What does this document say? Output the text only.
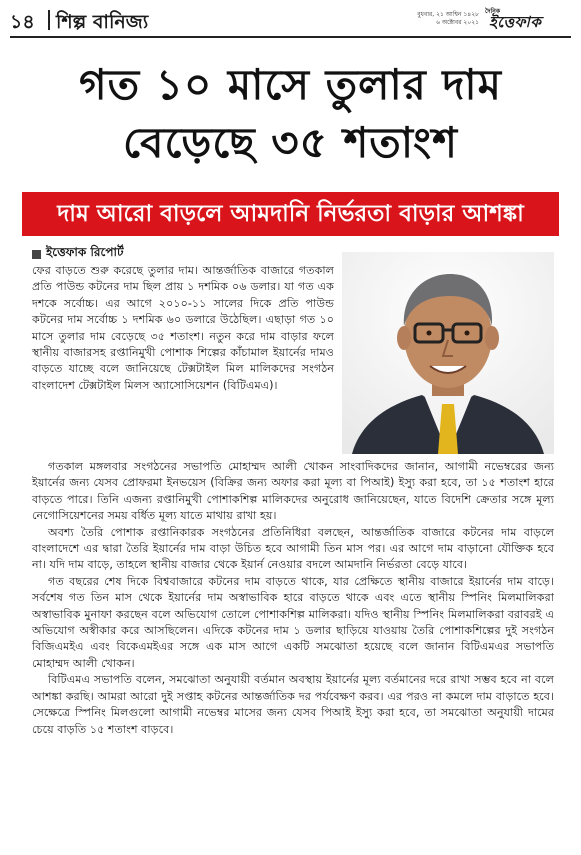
১৪ শিল্প বানিজ্য	বুধবার, ২১ আশ্বিন ১৪২৮
৬ অক্টোবর ২০২১
দৈনিক
ইত্তেফাক
গত ১০ মাসে তুলার দাম
বেড়েছে ৩৫ শতাংশ
দাম আরো বাড়লে আমদানি নির্ভরতা বাড়ার আশঙ্কা
ইত্তেফাক রিপোর্ট

ফের বাড়তে শুরু করেছে তুলার দাম। আন্তর্জাতিক বাজারে গতকাল প্রতি পাউন্ড কটনের দাম ছিল প্রায় ১ দশমিক ০৬ ডলার। যা গত এক দশকে সর্বোচ্চ। এর আগে ২০১০-১১ সালের দিকে প্রতি পাউন্ড কটনের দাম সর্বোচ্চ ১ দশমিক ৬০ ডলারে উঠেছিল। এছাড়া গত ১০ মাসে তুলার দাম বেড়েছে ৩৫ শতাংশ। নতুন করে দাম বাড়ার ফলে স্থানীয় বাজারসহ রপ্তানিমুখী পোশাক শিল্পের কাঁচামাল ইয়ার্নের দামও বাড়তে যাচ্ছে বলে জানিয়েছে টেক্সটাইল মিল মালিকদের সংগঠন বাংলাদেশ টেক্সটাইল মিলস অ্যাসোসিয়েশন (বিটিএমএ)।

গতকাল মঙ্গলবার সংগঠনের সভাপতি মোহাম্মদ আলী খোকন সাংবাদিকদের জানান, আগামী নভেম্বরের জন্য ইয়ার্নের জন্য যেসব প্রোফরমা ইনভয়েস (বিক্রির জন্য অফার করা মূল্য বা পিআই) ইস্যু করা হবে, তা ১৫ শতাংশ হারে বাড়তে পারে। তিনি এজন্য রপ্তানিমুখী পোশাকশিল্প মালিকদের অনুরোধ জানিয়েছেন, যাতে বিদেশি ক্রেতার সঙ্গে মূল্য নেগোসিয়েশনের সময় বর্ধিত মূল্য যাতে মাথায় রাখা হয়।

অবশ্য তৈরি পোশাক রপ্তানিকারক সংগঠনের প্রতিনিধিরা বলছেন, আন্তর্জাতিক বাজারে কটনের দাম বাড়লে বাংলাদেশে এর দ্বারা তৈরি ইয়ার্নের দাম বাড়া উচিত হবে আগামী তিন মাস পর। এর আগে দাম বাড়ানো যৌক্তিক হবে না। যদি দাম বাড়ে, তাহলে স্থানীয় বাজার থেকে ইয়ার্ন নেওয়ার বদলে আমদানি নির্ভরতা বেড়ে যাবে।

গত বছরের শেষ দিকে বিশ্ববাজারে কটনের দাম বাড়তে থাকে, যার প্রেক্ষিতে স্থানীয় বাজারে ইয়ার্নের দাম বাড়ে। সর্বশেষ গত তিন মাস থেকে ইয়ার্নের দাম অস্বাভাবিক হারে বাড়তে থাকে এবং এতে স্থানীয় স্পিনিং মিলমালিকরা অস্বাভাবিক মুনাফা করছেন বলে অভিযোগ তোলে পোশাকশিল্প মালিকরা। যদিও স্থানীয় স্পিনিং মিলমালিকরা বরাবরই এ অভিযোগ অস্বীকার করে আসছিলেন। এদিকে কটনের দাম ১ ডলার ছাড়িয়ে যাওয়ায় তৈরি পোশাকশিল্পের দুই সংগঠন বিজিএমইএ এবং বিকেএমইএর সঙ্গে এক মাস আগে একটি সমঝোতা হয়েছে বলে জানান বিটিএমএর সভাপতি মোহাম্মদ আলী খোকন।

বিটিএমএ সভাপতি বলেন, সমঝোতা অনুযায়ী বর্তমান অবস্থায় ইয়ার্নের মূল্য বর্তমানের দরে রাখা সম্ভব হবে না বলে আশঙ্কা করছি। আমরা আরো দুই সপ্তাহ কটনের আন্তর্জাতিক দর পর্যবেক্ষণ করব। এর পরও না কমলে দাম বাড়াতে হবে। সেক্ষেত্রে স্পিনিং মিলগুলো আগামী নভেম্বর মাসের জন্য যেসব পিআই ইস্যু করা হবে, তা সমঝোতা অনুযায়ী দামের চেয়ে বাড়তি ১৫ শতাংশ বাড়বে।
